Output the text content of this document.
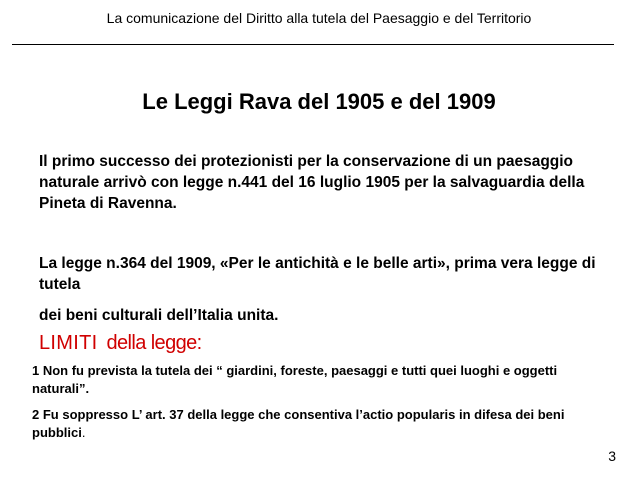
La comunicazione del Diritto alla tutela del Paesaggio e del Territorio
Le Leggi Rava del 1905 e del 1909

Il primo successo dei protezionisti per la conservazione di un paesaggio naturale arrivò con legge n.441 del 16 luglio 1905 per la salvaguardia della Pineta di Ravenna.

La legge n.364 del 1909, «Per le antichità e le belle arti», prima vera legge di tutela

dei beni culturali dell’Italia unita.

LIMITI della legge:

1 Non fu prevista la tutela dei “ giardini, foreste, paesaggi e tutti quei luoghi e oggetti naturali”.

2 Fu soppresso L’ art. 37 della legge che consentiva l’actio popularis in difesa dei beni pubblici.

3
